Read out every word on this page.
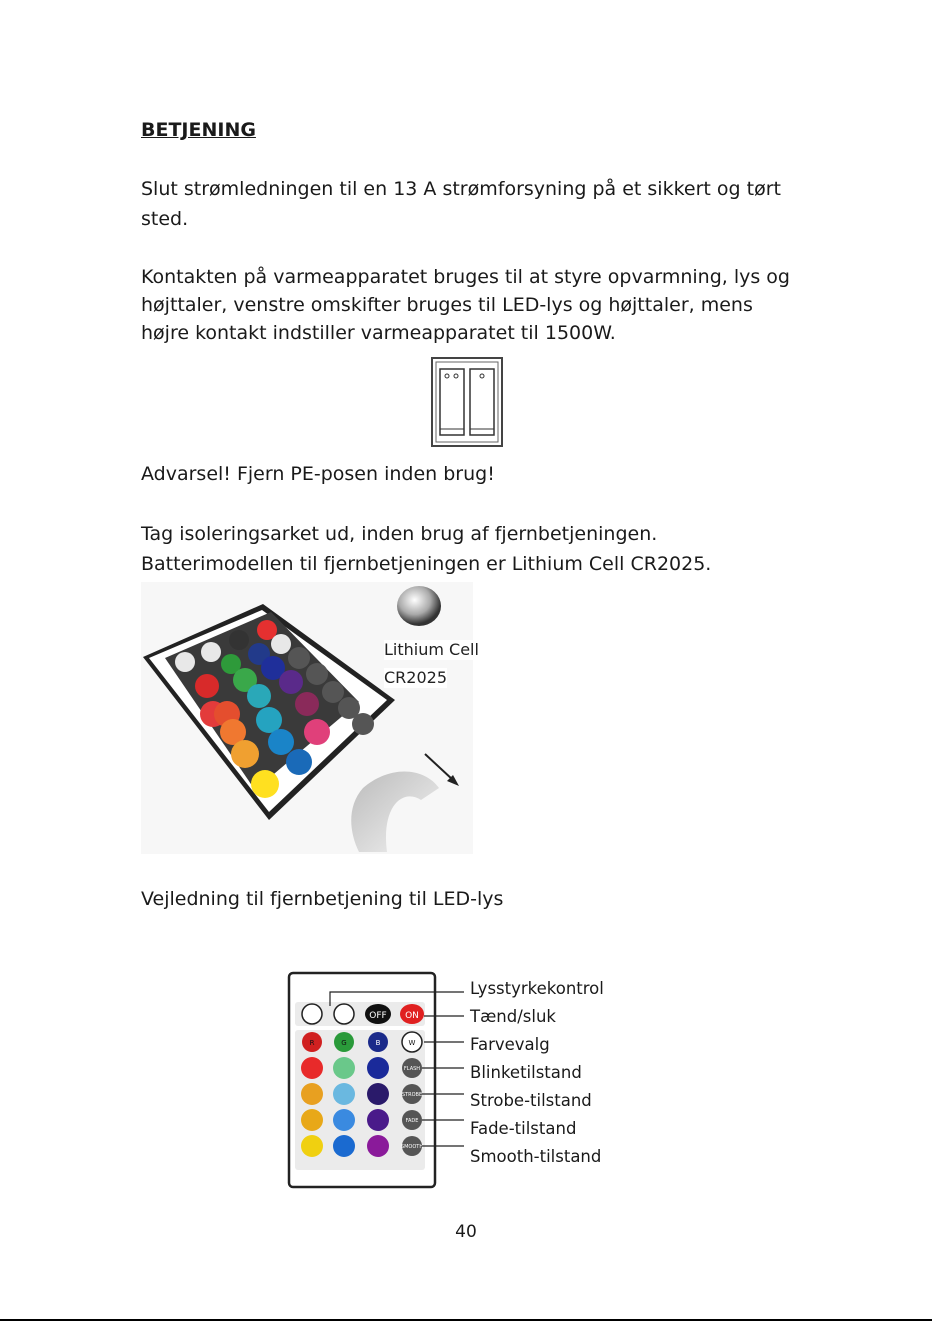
BETJENING

Slut strømledningen til en 13 A strømforsyning på et sikkert og tørt sted.

Kontakten på varmeapparatet bruges til at styre opvarmning, lys og højttaler, venstre omskifter bruges til LED-lys og højttaler, mens højre kontakt indstiller varmeapparatet til 1500W.

Advarsel! Fjern PE-posen inden brug!

Tag isoleringsarket ud, inden brug af fjernbetjeningen. Batterimodellen til fjernbetjeningen er Lithium Cell CR2025.

Lithium Cell
CR2025

Vejledning til fjernbetjening til LED-lys

OFF ON
R	G	B	W
FLASH
STROBE
FADE
SMOOTH
Lysstyrkekontrol
Tænd/sluk
Farvevalg
Blinketilstand
Strobe-tilstand
Fade-tilstand
Smooth-tilstand

40
